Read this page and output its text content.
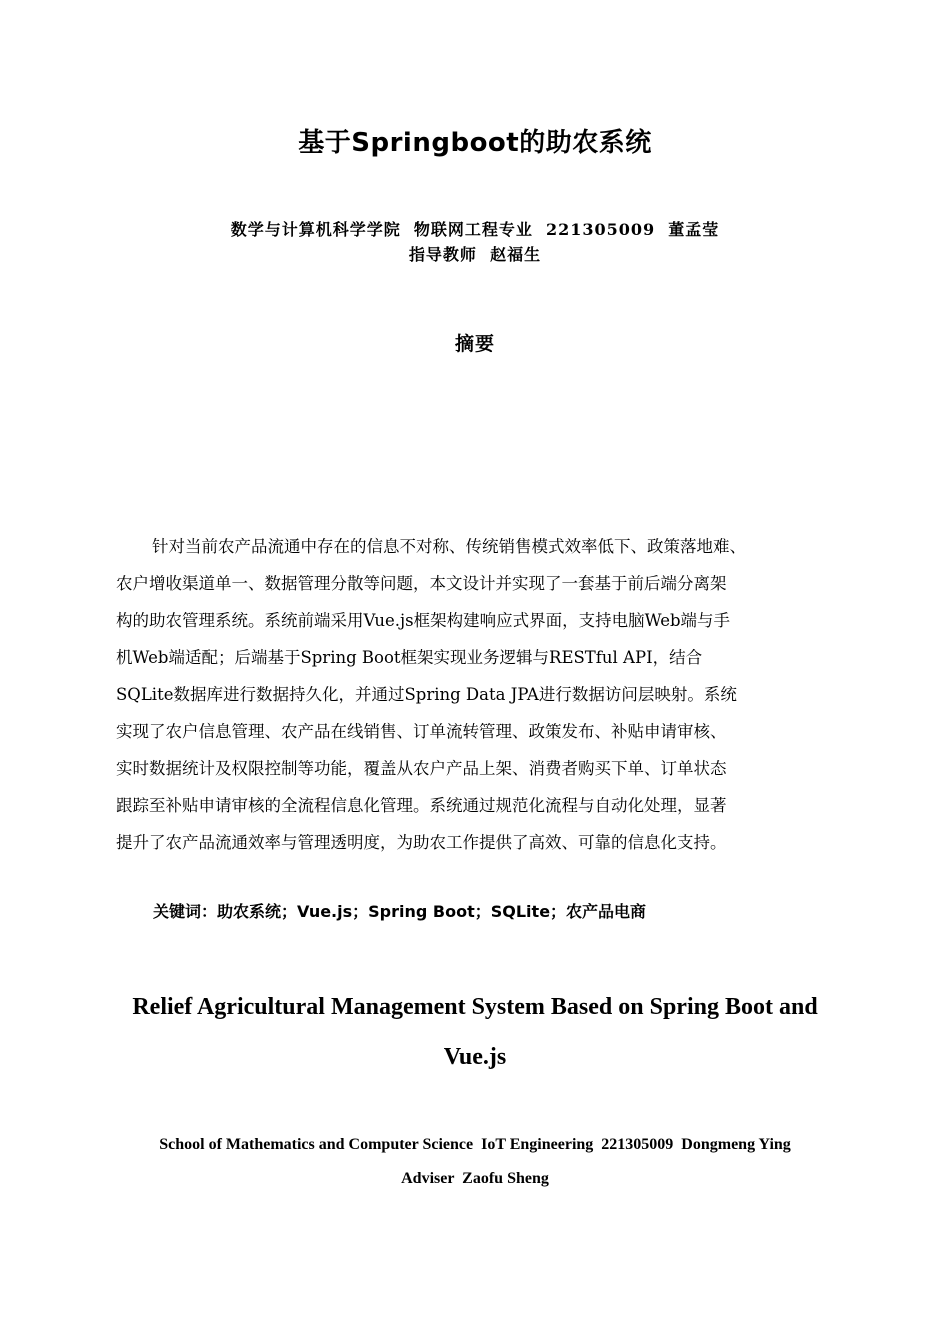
基于Springboot的助农系统
数学与计算机科学学院  物联网工程专业  221305009  董孟莹
指导教师  赵福生
摘要
针对当前农产品流通中存在的信息不对称、传统销售模式效率低下、政策落地难、
农户增收渠道单一、数据管理分散等问题，本文设计并实现了一套基于前后端分离架
构的助农管理系统。系统前端采用Vue.js框架构建响应式界面，支持电脑Web端与手
机Web端适配；后端基于Spring Boot框架实现业务逻辑与RESTful API，结合
SQLite数据库进行数据持久化，并通过Spring Data JPA进行数据访问层映射。系统
实现了农户信息管理、农产品在线销售、订单流转管理、政策发布、补贴申请审核、
实时数据统计及权限控制等功能，覆盖从农户产品上架、消费者购买下单、订单状态
跟踪至补贴申请审核的全流程信息化管理。系统通过规范化流程与自动化处理，显著
提升了农产品流通效率与管理透明度，为助农工作提供了高效、可靠的信息化支持。
关键词：助农系统；Vue.js；Spring Boot；SQLite；农产品电商
Relief Agricultural Management System Based on Spring Boot and
Vue.js
School of Mathematics and Computer Science  IoT Engineering  221305009  Dongmeng Ying
Adviser  Zaofu Sheng
